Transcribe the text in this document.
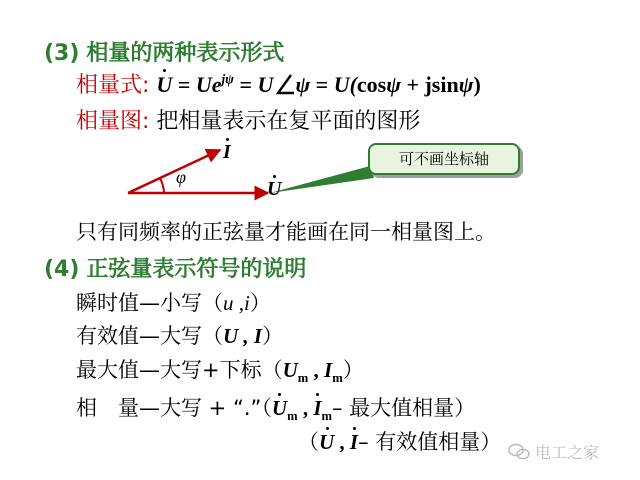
(3) 相量的两种表示形式
相量式: $U = Ue^{j\psi} = U$ ψ = U(cosψ + jsinψ)
相量图: 把相量表示在复平面的图形
I
U
φ
可不画坐标轴
只有同频率的正弦量才能画在同一相量图上。
(4) 正弦量表示符号的说明
瞬时值—小写（u ,i）
有效值—大写（U , I）
最大值—大写+下标（$U_m$ , $I_m$）
相　量—大写 + “$.”(U_m$ , $I_m-$ 最大值相量）
（U , I– 有效值相量）	电工之家
